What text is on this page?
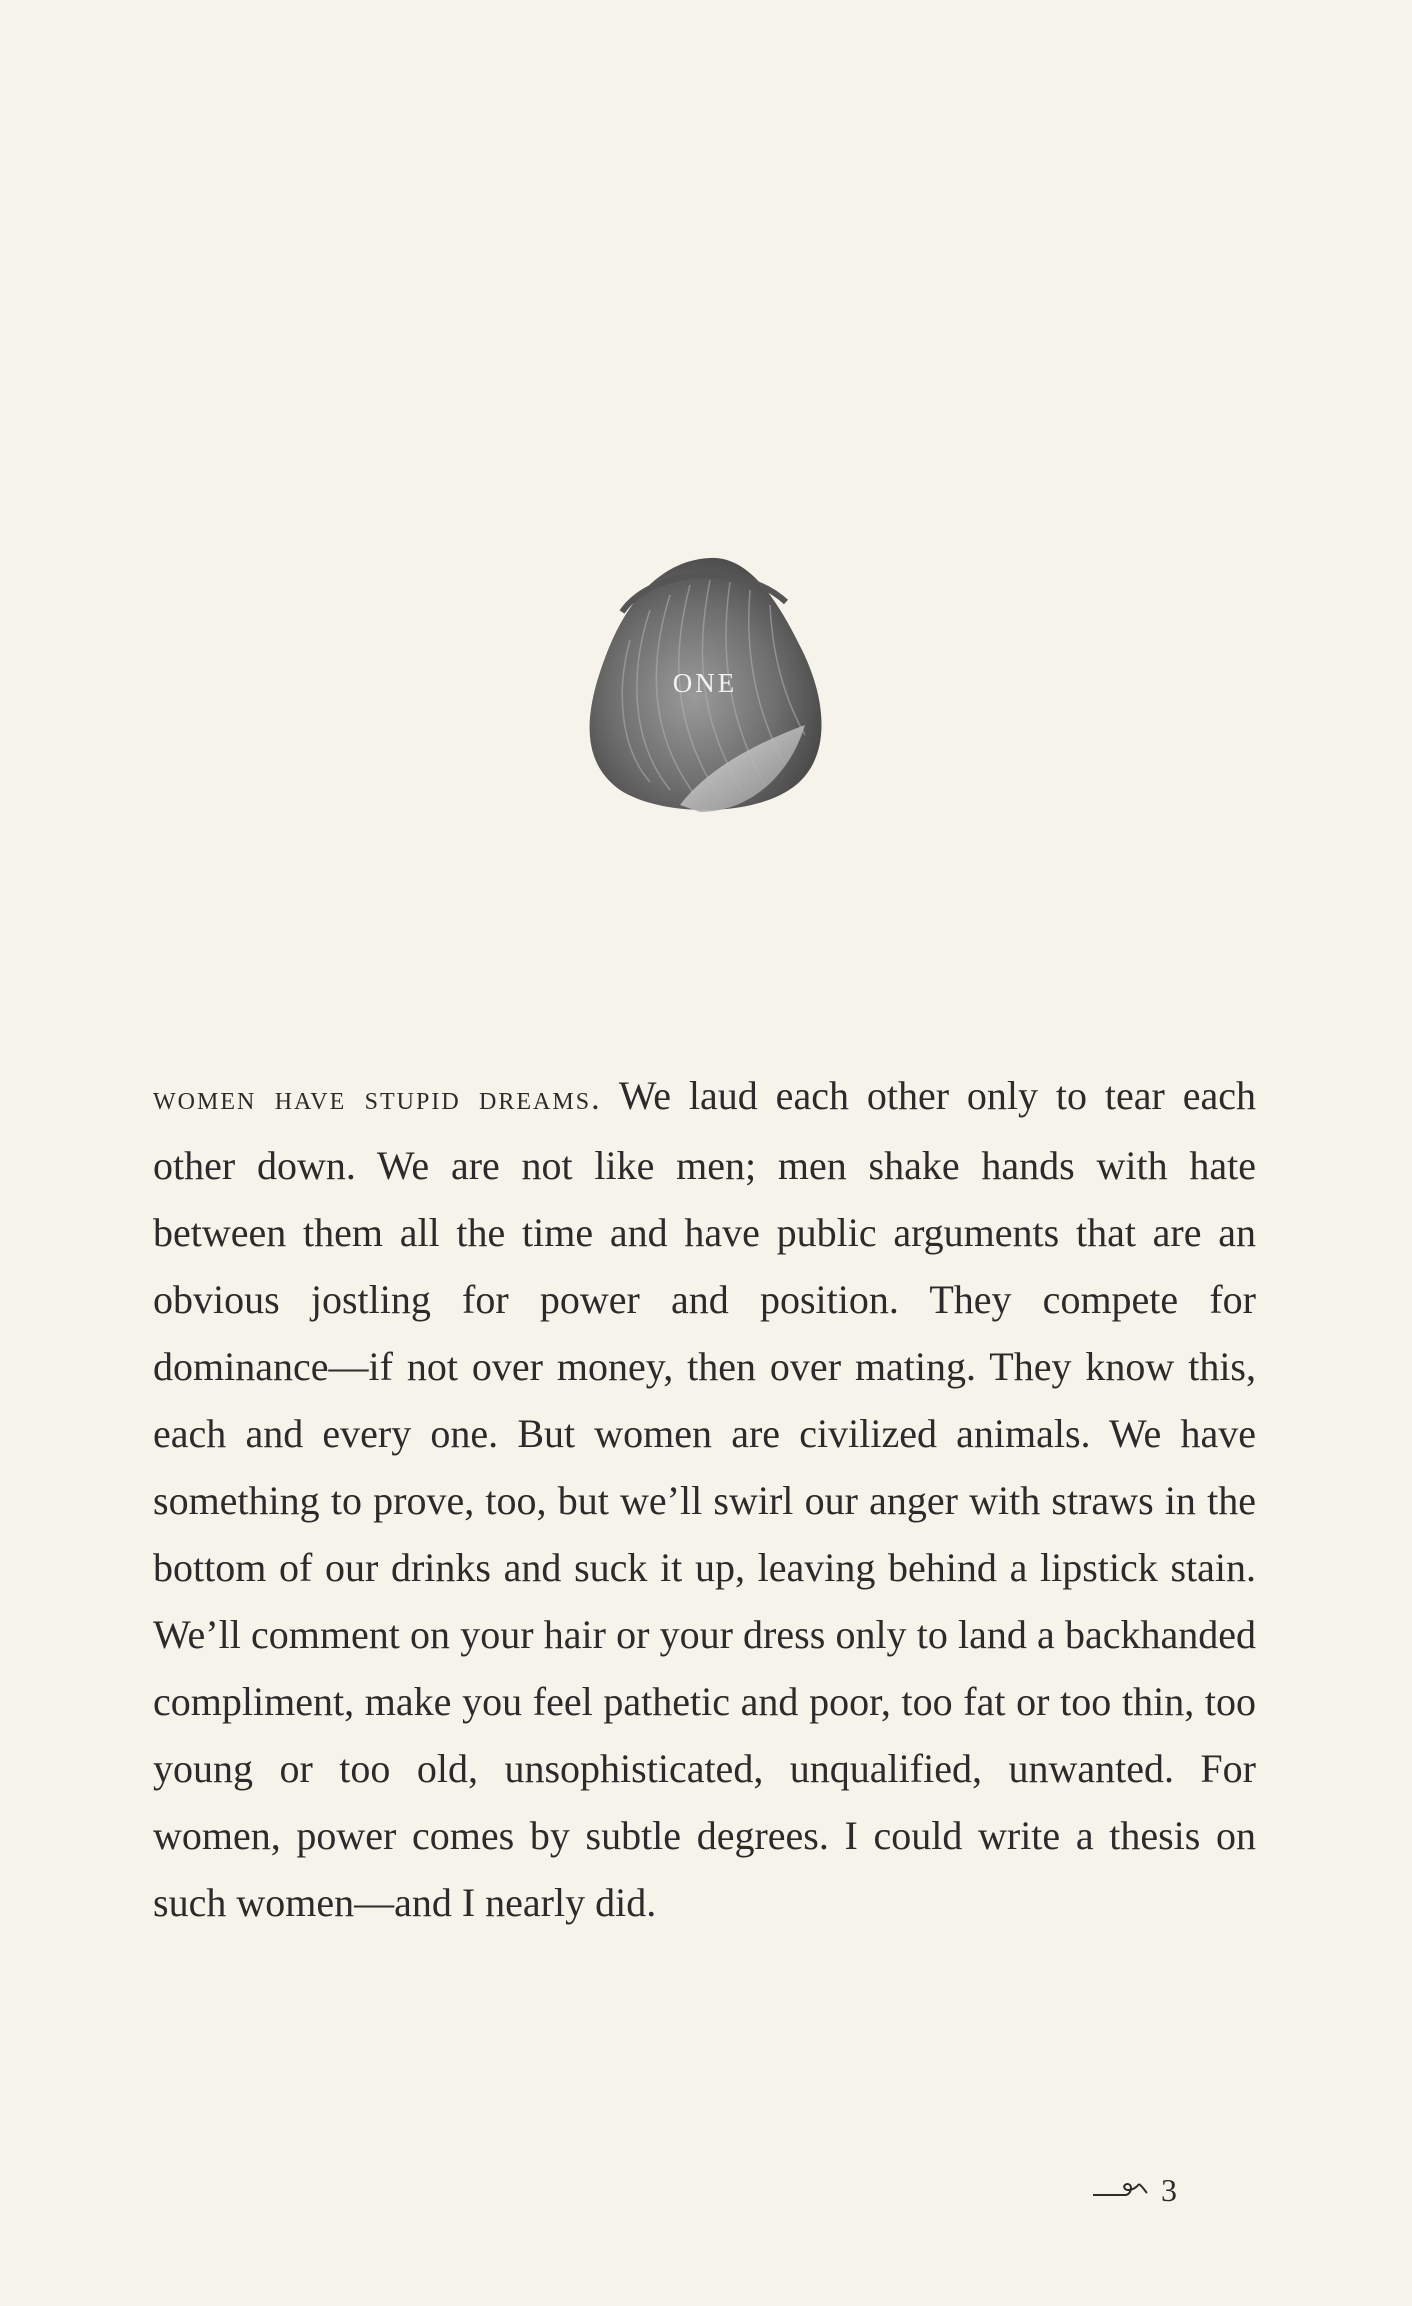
ONE
women have stupid dreams. We laud each other only to tear each other down. We are not like men; men shake hands with hate between them all the time and have public arguments that are an obvious jostling for power and position. They compete for dominance—if not over money, then over mating. They know this, each and every one. But women are civilized animals. We have something to prove, too, but we’ll swirl our anger with straws in the bottom of our drinks and suck it up, leaving behind a lipstick stain. We’ll comment on your hair or your dress only to land a backhanded compliment, make you feel pathetic and poor, too fat or too thin, too young or too old, unsophisticated, unqualified, unwanted. For women, power comes by subtle degrees. I could write a thesis on such women—and I nearly did.
3
